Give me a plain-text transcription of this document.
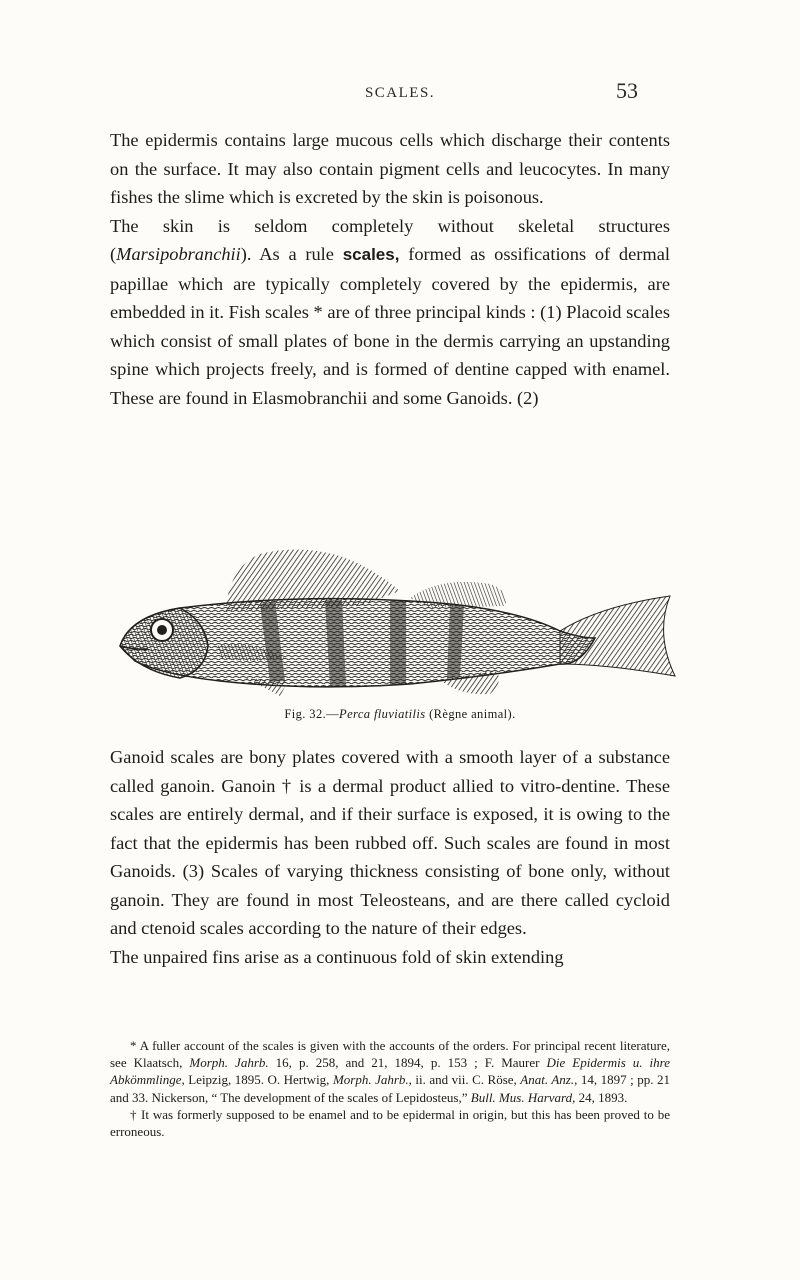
SCALES.	53

The epidermis contains large mucous cells which discharge their contents on the surface. It may also contain pigment cells and leucocytes. In many fishes the slime which is excreted by the skin is poisonous.

The skin is seldom completely without skeletal structures (Marsipobranchii). As a rule scales, formed as ossifications of dermal papillae which are typically completely covered by the epidermis, are embedded in it. Fish scales * are of three principal kinds : (1) Placoid scales which consist of small plates of bone in the dermis carrying an upstanding spine which projects freely, and is formed of dentine capped with enamel. These are found in Elasmobranchii and some Ganoids. (2)

Fig. 32.—Perca fluviatilis (Règne animal).

Ganoid scales are bony plates covered with a smooth layer of a substance called ganoin. Ganoin † is a dermal product allied to vitro-dentine. These scales are entirely dermal, and if their surface is exposed, it is owing to the fact that the epidermis has been rubbed off. Such scales are found in most Ganoids. (3) Scales of varying thickness consisting of bone only, without ganoin. They are found in most Teleosteans, and are there called cycloid and ctenoid scales according to the nature of their edges.

The unpaired fins arise as a continuous fold of skin extending

* A fuller account of the scales is given with the accounts of the orders. For principal recent literature, see Klaatsch, Morph. Jahrb. 16, p. 258, and 21, 1894, p. 153 ; F. Maurer Die Epidermis u. ihre Abkömmlinge, Leipzig, 1895. O. Hertwig, Morph. Jahrb., ii. and vii. C. Röse, Anat. Anz., 14, 1897 ; pp. 21 and 33. Nickerson, “ The development of the scales of Lepidosteus,” Bull. Mus. Harvard, 24, 1893.

† It was formerly supposed to be enamel and to be epidermal in origin, but this has been proved to be erroneous.
